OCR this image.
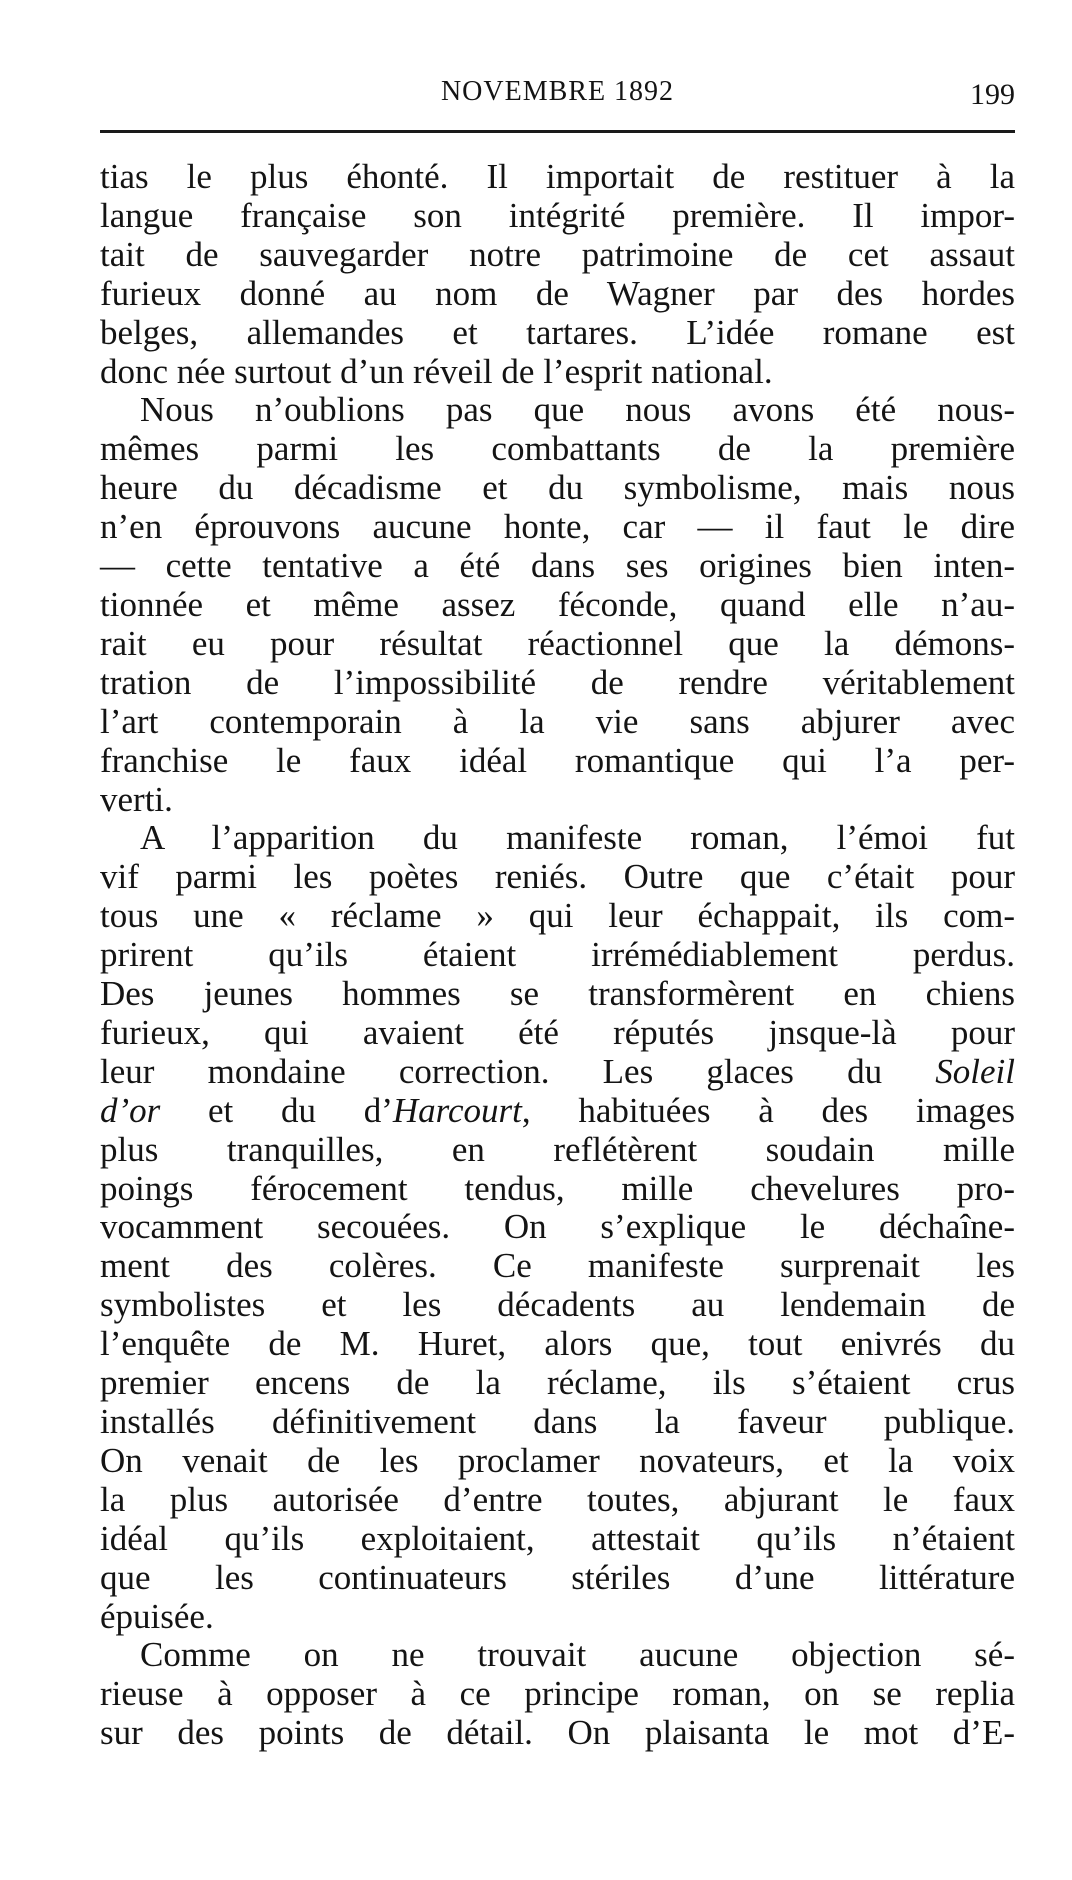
NOVEMBRE 1892	199
tias le plus éhonté. Il importait de restituer à la
langue française son intégrité première. Il impor-
tait de sauvegarder notre patrimoine de cet assaut
furieux donné au nom de Wagner par des hordes
belges, allemandes et tartares. L’idée romane est
donc née surtout d’un réveil de l’esprit national.
Nous n’oublions pas que nous avons été nous-
mêmes parmi les combattants de la première
heure du décadisme et du symbolisme, mais nous
n’en éprouvons aucune honte, car — il faut le dire
— cette tentative a été dans ses origines bien inten-
tionnée et même assez féconde, quand elle n’au-
rait eu pour résultat réactionnel que la démons-
tration de l’impossibilité de rendre véritablement
l’art contemporain à la vie sans abjurer avec
franchise le faux idéal romantique qui l’a per-
verti.
A l’apparition du manifeste roman, l’émoi fut
vif parmi les poètes reniés. Outre que c’était pour
tous une « réclame » qui leur échappait, ils com-
prirent qu’ils étaient irrémédiablement perdus.
Des jeunes hommes se transformèrent en chiens
furieux, qui avaient été réputés jnsque-là pour
leur mondaine correction. Les glaces du Soleil
d’or et du d’Harcourt, habituées à des images
plus tranquilles, en reflétèrent soudain mille
poings férocement tendus, mille chevelures pro-
vocamment secouées. On s’explique le déchaîne-
ment des colères. Ce manifeste surprenait les
symbolistes et les décadents au lendemain de
l’enquête de M. Huret, alors que, tout enivrés du
premier encens de la réclame, ils s’étaient crus
installés définitivement dans la faveur publique.
On venait de les proclamer novateurs, et la voix
la plus autorisée d’entre toutes, abjurant le faux
idéal qu’ils exploitaient, attestait qu’ils n’étaient
que les continuateurs stériles d’une littérature
épuisée.
Comme on ne trouvait aucune objection sé-
rieuse à opposer à ce principe roman, on se replia
sur des points de détail. On plaisanta le mot d’E-
